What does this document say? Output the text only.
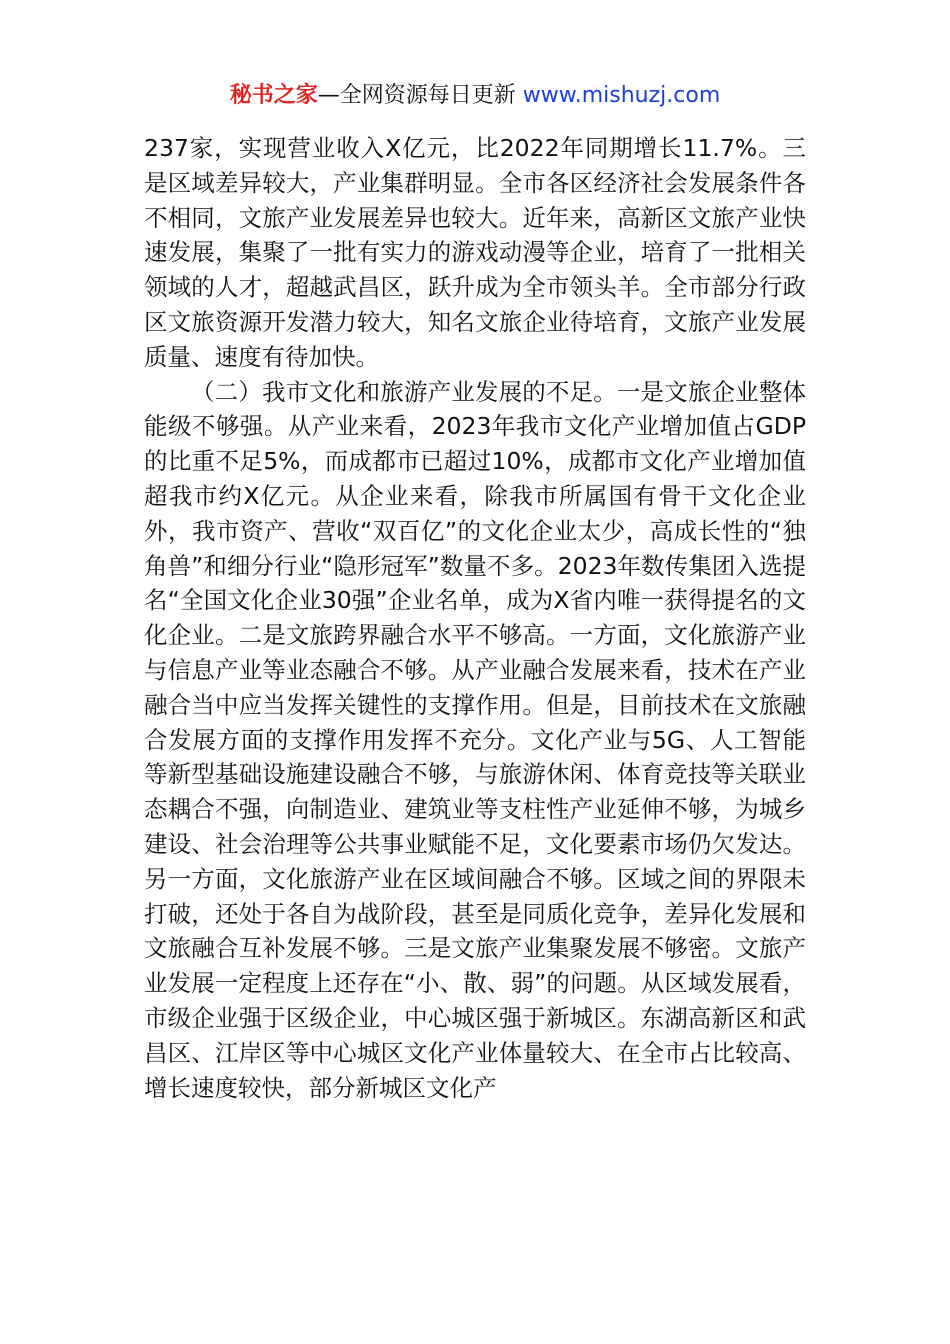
秘书之家—全网资源每日更新 www.mishuzj.com

237家，实现营业收入X亿元，比2022年同期增长11.7%。三是区域差异较大，产业集群明显。全市各区经济社会发展条件各不相同，文旅产业发展差异也较大。近年来，高新区文旅产业快速发展，集聚了一批有实力的游戏动漫等企业，培育了一批相关领域的人才，超越武昌区，跃升成为全市领头羊。全市部分行政区文旅资源开发潜力较大，知名文旅企业待培育，文旅产业发展质量、速度有待加快。

（二）我市文化和旅游产业发展的不足。一是文旅企业整体能级不够强。从产业来看，2023年我市文化产业增加值占GDP的比重不足5%，而成都市已超过10%，成都市文化产业增加值超我市约X亿元。从企业来看，除我市所属国有骨干文化企业外，我市资产、营收“双百亿”的文化企业太少，高成长性的“独角兽”和细分行业“隐形冠军”数量不多。2023年数传集团入选提名“全国文化企业30强”企业名单，成为X省内唯一获得提名的文化企业。二是文旅跨界融合水平不够高。一方面，文化旅游产业与信息产业等业态融合不够。从产业融合发展来看，技术在产业融合当中应当发挥关键性的支撑作用。但是，目前技术在文旅融合发展方面的支撑作用发挥不充分。文化产业与5G、人工智能等新型基础设施建设融合不够，与旅游休闲、体育竞技等关联业态耦合不强，向制造业、建筑业等支柱性产业延伸不够，为城乡建设、社会治理等公共事业赋能不足，文化要素市场仍欠发达。另一方面，文化旅游产业在区域间融合不够。区域之间的界限未打破，还处于各自为战阶段，甚至是同质化竞争，差异化发展和文旅融合互补发展不够。三是文旅产业集聚发展不够密。文旅产业发展一定程度上还存在“小、散、弱”的问题。从区域发展看，市级企业强于区级企业，中心城区强于新城区。东湖高新区和武昌区、江岸区等中心城区文化产业体量较大、在全市占比较高、增长速度较快，部分新城区文化产
